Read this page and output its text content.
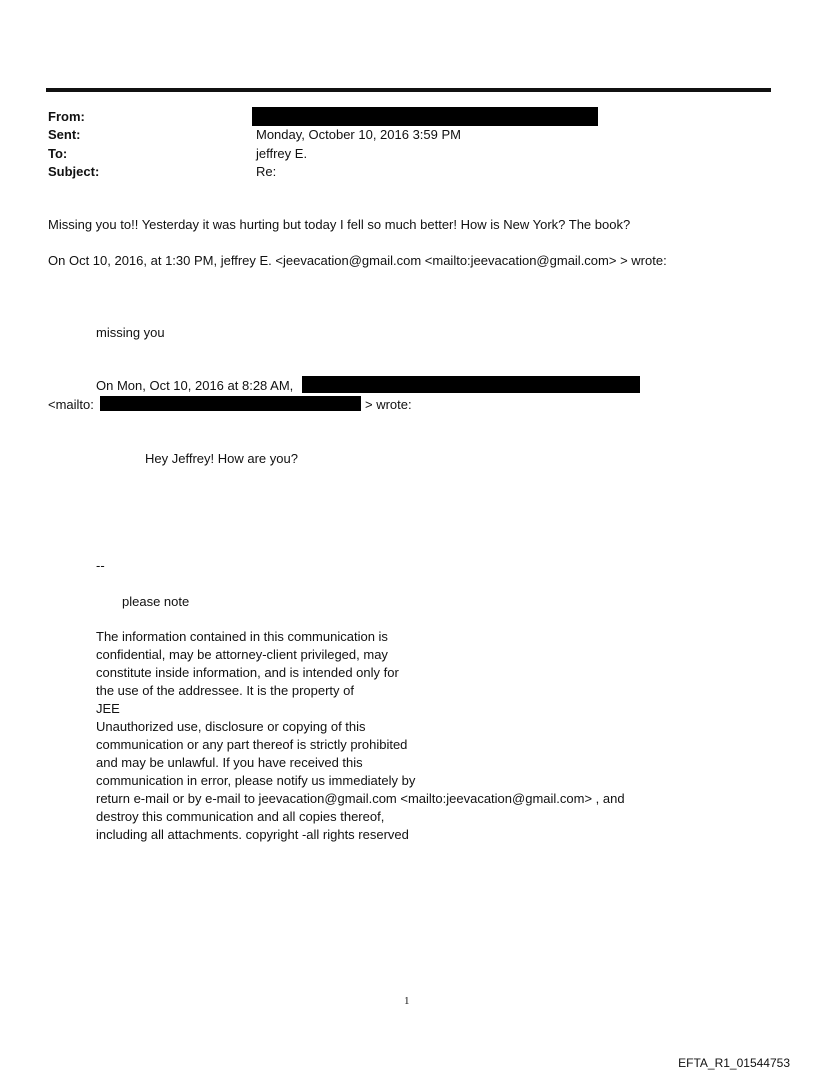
From:
Sent:	Monday, October 10, 2016 3:59 PM
To:	jeffrey E.
Subject:	Re:
Missing you to!! Yesterday it was hurting but today I fell so much better! How is New York? The book?
On Oct 10, 2016, at 1:30 PM, jeffrey E. <jeevacation@gmail.com <mailto:jeevacation@gmail.com> > wrote:
missing you
On Mon, Oct 10, 2016 at 8:28 AM,
<mailto:	> wrote:
Hey Jeffrey! How are you?
--
please note
The information contained in this communication is
confidential, may be attorney-client privileged, may
constitute inside information, and is intended only for
the use of the addressee. It is the property of
JEE
Unauthorized use, disclosure or copying of this
communication or any part thereof is strictly prohibited
and may be unlawful. If you have received this
communication in error, please notify us immediately by
return e-mail or by e-mail to jeevacation@gmail.com <mailto:jeevacation@gmail.com> , and
destroy this communication and all copies thereof,
including all attachments. copyright -all rights reserved
1
EFTA_R1_01544753
